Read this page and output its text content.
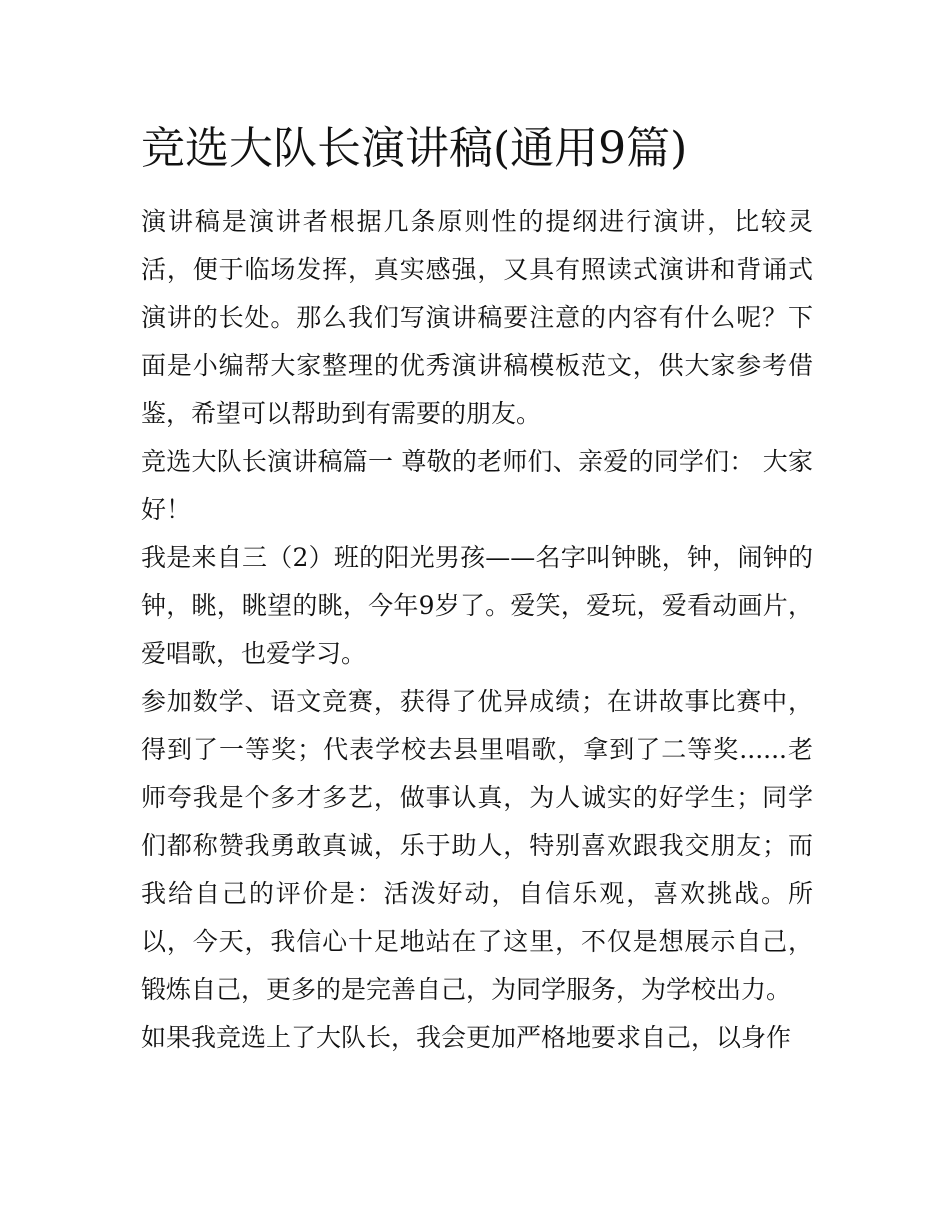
竞选大队长演讲稿(通用9篇)

演讲稿是演讲者根据几条原则性的提纲进行演讲，比较灵活，便于临场发挥，真实感强，又具有照读式演讲和背诵式演讲的长处。那么我们写演讲稿要注意的内容有什么呢？下面是小编帮大家整理的优秀演讲稿模板范文，供大家参考借鉴，希望可以帮助到有需要的朋友。

竞选大队长演讲稿篇一 尊敬的老师们、亲爱的同学们： 大家好！

我是来自三（2）班的阳光男孩——名字叫钟眺，钟，闹钟的钟，眺，眺望的眺，今年9岁了。爱笑，爱玩，爱看动画片，爱唱歌，也爱学习。

参加数学、语文竞赛，获得了优异成绩；在讲故事比赛中，得到了一等奖；代表学校去县里唱歌，拿到了二等奖......老师夸我是个多才多艺，做事认真，为人诚实的好学生；同学们都称赞我勇敢真诚，乐于助人，特别喜欢跟我交朋友；而我给自己的评价是：活泼好动，自信乐观，喜欢挑战。所以，今天，我信心十足地站在了这里，不仅是想展示自己，锻炼自己，更多的是完善自己，为同学服务，为学校出力。

如果我竞选上了大队长，我会更加严格地要求自己，以身作
